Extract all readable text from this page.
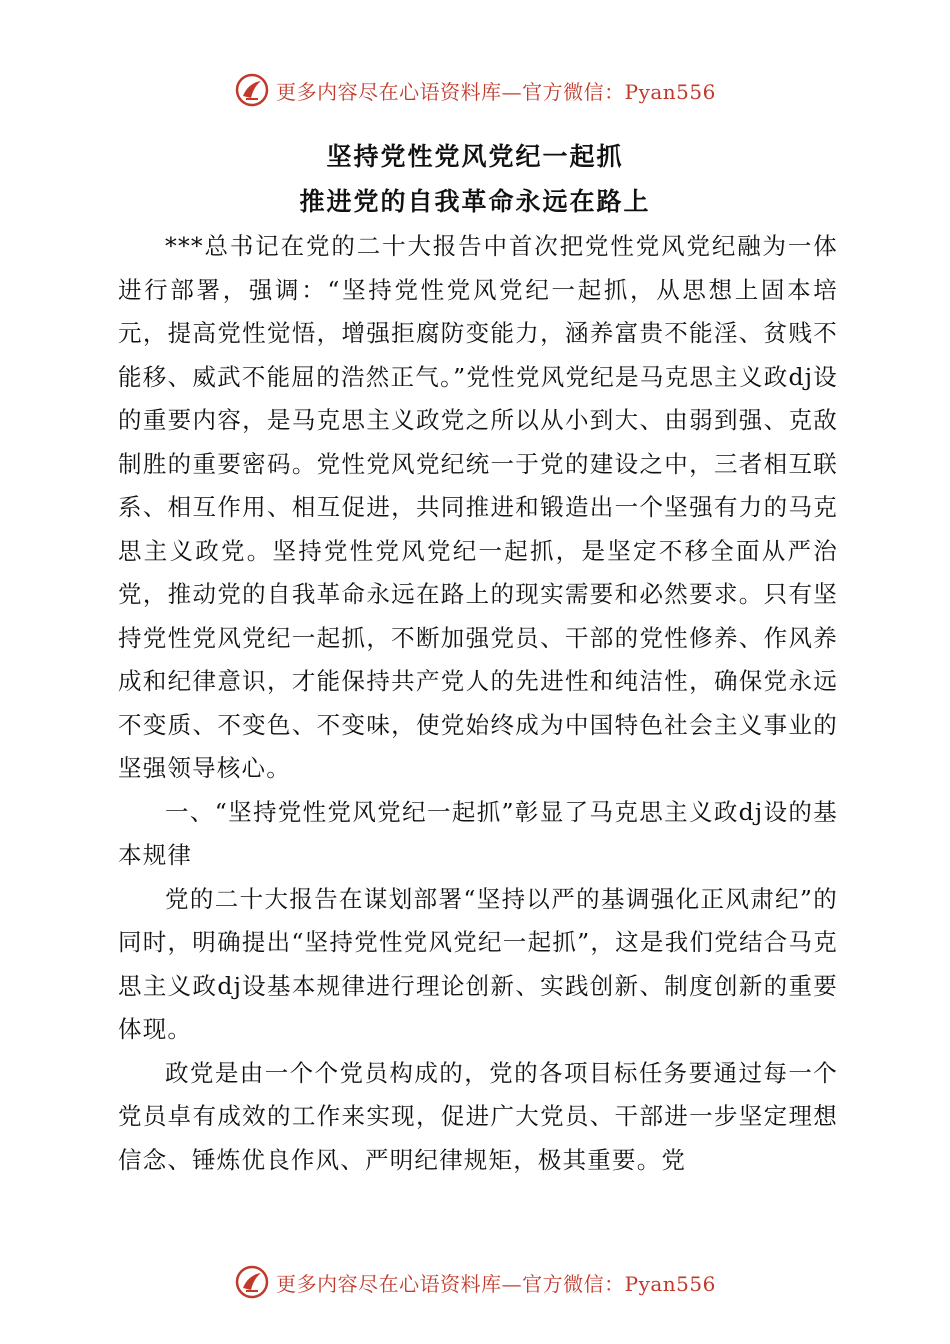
更多内容尽在心语资料库—官方微信：Pyan556
坚持党性党风党纪一起抓
推进党的自我革命永远在路上

***总书记在党的二十大报告中首次把党性党风党纪融为一体进行部署，强调：“坚持党性党风党纪一起抓，从思想上固本培元，提高党性觉悟，增强拒腐防变能力，涵养富贵不能淫、贫贱不能移、威武不能屈的浩然正气。”党性党风党纪是马克思主义政dj设的重要内容，是马克思主义政党之所以从小到大、由弱到强、克敌制胜的重要密码。党性党风党纪统一于党的建设之中，三者相互联系、相互作用、相互促进，共同推进和锻造出一个坚强有力的马克思主义政党。坚持党性党风党纪一起抓，是坚定不移全面从严治党，推动党的自我革命永远在路上的现实需要和必然要求。只有坚持党性党风党纪一起抓，不断加强党员、干部的党性修养、作风养成和纪律意识，才能保持共产党人的先进性和纯洁性，确保党永远不变质、不变色、不变味，使党始终成为中国特色社会主义事业的坚强领导核心。

一、“坚持党性党风党纪一起抓”彰显了马克思主义政dj设的基本规律

党的二十大报告在谋划部署“坚持以严的基调强化正风肃纪”的同时，明确提出“坚持党性党风党纪一起抓”，这是我们党结合马克思主义政dj设基本规律进行理论创新、实践创新、制度创新的重要体现。

政党是由一个个党员构成的，党的各项目标任务要通过每一个党员卓有成效的工作来实现，促进广大党员、干部进一步坚定理想信念、锤炼优良作风、严明纪律规矩，极其重要。党

更多内容尽在心语资料库—官方微信：Pyan556
